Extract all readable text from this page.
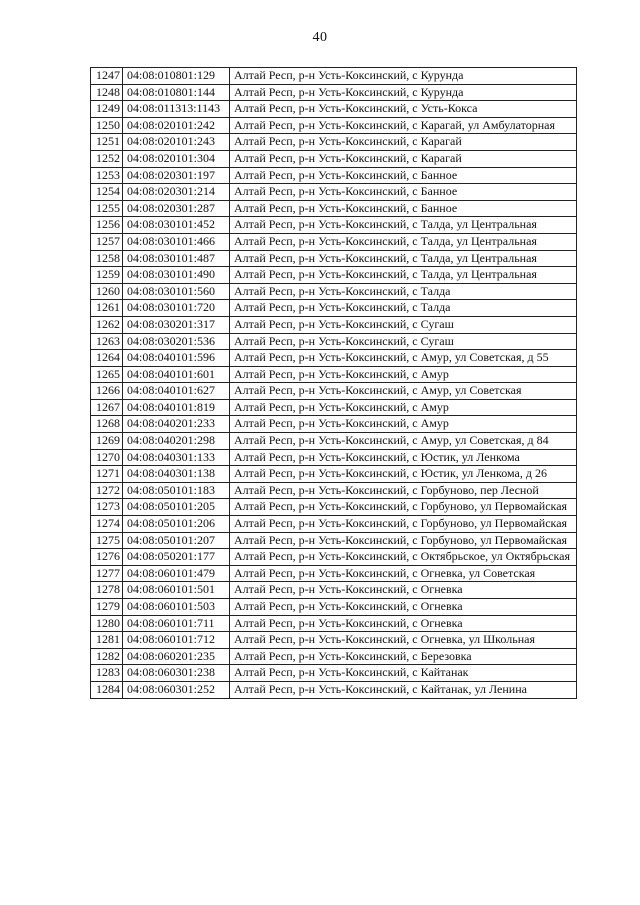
40
1247	04:08:010801:129	Алтай Респ, р-н Усть-Коксинский, с Курунда
1248	04:08:010801:144	Алтай Респ, р-н Усть-Коксинский, с Курунда
1249	04:08:011313:1143	Алтай Респ, р-н Усть-Коксинский, с Усть-Кокса
1250	04:08:020101:242	Алтай Респ, р-н Усть-Коксинский, с Карагай, ул Амбулаторная
1251	04:08:020101:243	Алтай Респ, р-н Усть-Коксинский, с Карагай
1252	04:08:020101:304	Алтай Респ, р-н Усть-Коксинский, с Карагай
1253	04:08:020301:197	Алтай Респ, р-н Усть-Коксинский, с Банное
1254	04:08:020301:214	Алтай Респ, р-н Усть-Коксинский, с Банное
1255	04:08:020301:287	Алтай Респ, р-н Усть-Коксинский, с Банное
1256	04:08:030101:452	Алтай Респ, р-н Усть-Коксинский, с Талда, ул Центральная
1257	04:08:030101:466	Алтай Респ, р-н Усть-Коксинский, с Талда, ул Центральная
1258	04:08:030101:487	Алтай Респ, р-н Усть-Коксинский, с Талда, ул Центральная
1259	04:08:030101:490	Алтай Респ, р-н Усть-Коксинский, с Талда, ул Центральная
1260	04:08:030101:560	Алтай Респ, р-н Усть-Коксинский, с Талда
1261	04:08:030101:720	Алтай Респ, р-н Усть-Коксинский, с Талда
1262	04:08:030201:317	Алтай Респ, р-н Усть-Коксинский, с Сугаш
1263	04:08:030201:536	Алтай Респ, р-н Усть-Коксинский, с Сугаш
1264	04:08:040101:596	Алтай Респ, р-н Усть-Коксинский, с Амур, ул Советская, д 55
1265	04:08:040101:601	Алтай Респ, р-н Усть-Коксинский, с Амур
1266	04:08:040101:627	Алтай Респ, р-н Усть-Коксинский, с Амур, ул Советская
1267	04:08:040101:819	Алтай Респ, р-н Усть-Коксинский, с Амур
1268	04:08:040201:233	Алтай Респ, р-н Усть-Коксинский, с Амур
1269	04:08:040201:298	Алтай Респ, р-н Усть-Коксинский, с Амур, ул Советская, д 84
1270	04:08:040301:133	Алтай Респ, р-н Усть-Коксинский, с Юстик, ул Ленкома
1271	04:08:040301:138	Алтай Респ, р-н Усть-Коксинский, с Юстик, ул Ленкома, д 26
1272	04:08:050101:183	Алтай Респ, р-н Усть-Коксинский, с Горбуново, пер Лесной
1273	04:08:050101:205	Алтай Респ, р-н Усть-Коксинский, с Горбуново, ул Первомайская
1274	04:08:050101:206	Алтай Респ, р-н Усть-Коксинский, с Горбуново, ул Первомайская
1275	04:08:050101:207	Алтай Респ, р-н Усть-Коксинский, с Горбуново, ул Первомайская
1276	04:08:050201:177	Алтай Респ, р-н Усть-Коксинский, с Октябрьское, ул Октябрьская
1277	04:08:060101:479	Алтай Респ, р-н Усть-Коксинский, с Огневка, ул Советская
1278	04:08:060101:501	Алтай Респ, р-н Усть-Коксинский, с Огневка
1279	04:08:060101:503	Алтай Респ, р-н Усть-Коксинский, с Огневка
1280	04:08:060101:711	Алтай Респ, р-н Усть-Коксинский, с Огневка
1281	04:08:060101:712	Алтай Респ, р-н Усть-Коксинский, с Огневка, ул Школьная
1282	04:08:060201:235	Алтай Респ, р-н Усть-Коксинский, с Березовка
1283	04:08:060301:238	Алтай Респ, р-н Усть-Коксинский, с Кайтанак
1284	04:08:060301:252	Алтай Респ, р-н Усть-Коксинский, с Кайтанак, ул Ленина
